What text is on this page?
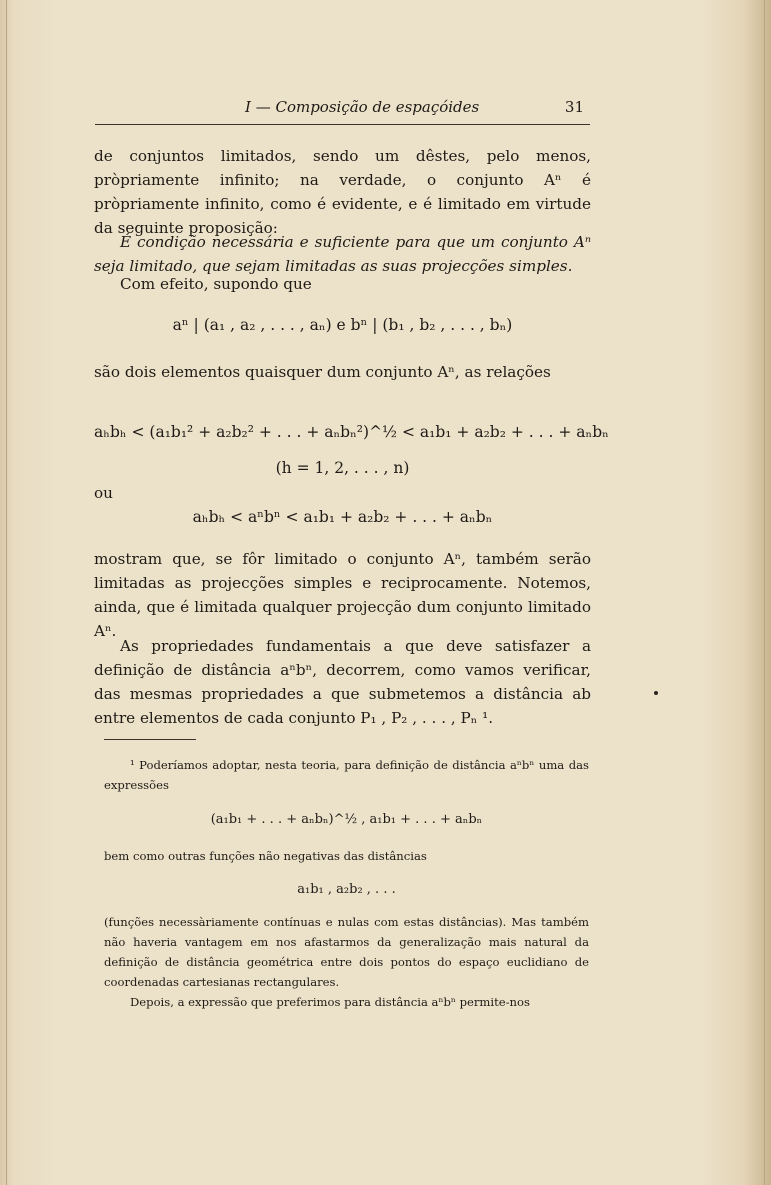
I — Composição de espaçóides	31
de conjuntos limitados, sendo um dêstes, pelo menos, pròpriamente infinito; na verdade, o conjunto Aⁿ é pròpriamente infinito, como é evidente, e é limitado em virtude da seguinte proposição:
É condição necessária e suficiente para que um conjunto Aⁿ seja limitado, que sejam limitadas as suas projecções simples.
Com efeito, supondo que
aⁿ | (a₁ , a₂ , . . . , aₙ) e bⁿ | (b₁ , b₂ , . . . , bₙ)
são dois elementos quaisquer dum conjunto Aⁿ, as relações
aₕbₕ < (a₁b₁² + a₂b₂² + . . . + aₙbₙ²)^½ < a₁b₁ + a₂b₂ + . . . + aₙbₙ
(h = 1, 2, . . . , n)
ou
aₕbₕ < aⁿbⁿ < a₁b₁ + a₂b₂ + . . . + aₙbₙ
mostram que, se fôr limitado o conjunto Aⁿ, também serão limitadas as projecções simples e reciprocamente. Notemos, ainda, que é limitada qualquer projecção dum conjunto limitado Aⁿ.
As propriedades fundamentais a que deve satisfazer a definição de distância aⁿbⁿ, decorrem, como vamos verificar, das mesmas propriedades a que submetemos a distância ab entre elementos de cada conjunto P₁ , P₂ , . . . , Pₙ ¹.
¹ Poderíamos adoptar, nesta teoria, para definição de distância aⁿbⁿ uma das expressões
(a₁b₁ + . . . + aₙbₙ)^½ , a₁b₁ + . . . + aₙbₙ
bem como outras funções não negativas das distâncias
a₁b₁ , a₂b₂ , . . .
(funções necessàriamente contínuas e nulas com estas distâncias). Mas também não haveria vantagem em nos afastarmos da generalização mais natural da definição de distância geométrica entre dois pontos do espaço euclidiano de coordenadas cartesianas rectangulares.
Depois, a expressão que preferimos para distância aⁿbⁿ permite-nos
